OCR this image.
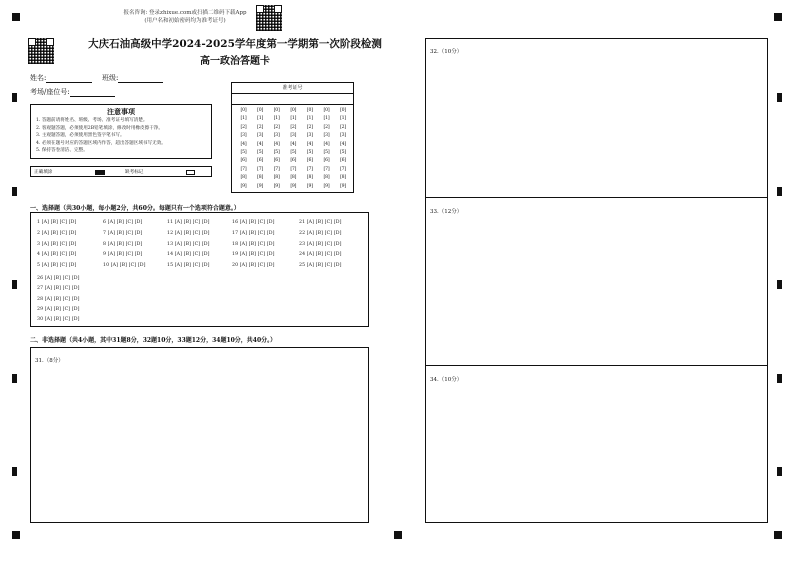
报名咨询: 登录zhixue.com或扫描二维码下载App
(用户名和初始密码均为准考证号)
大庆石油高级中学2024-2025学年度第一学期第一次阶段检测
高一政治答题卡
姓名:	班级:
考场/座位号:
注意事项
1. 答题前请将姓名、班级、考场、准考证号填写清楚。
2. 客观题答题，必须使用2B铅笔填涂，修改时用橡皮擦干净。
3. 主观题答题，必须使用黑色签字笔书写。
4. 必须在题号对应的答题区域内作答，超出答题区域书写无效。
5. 保持答卷清洁、完整。
正确填涂	缺考标记
准考证号
[0]	[0]	[0]	[0]	[0]	[0]	[0]
[1]	[1]	[1]	[1]	[1]	[1]	[1]
[2]	[2]	[2]	[2]	[2]	[2]	[2]
[3]	[3]	[3]	[3]	[3]	[3]	[3]
[4]	[4]	[4]	[4]	[4]	[4]	[4]
[5]	[5]	[5]	[5]	[5]	[5]	[5]
[6]	[6]	[6]	[6]	[6]	[6]	[6]
[7]	[7]	[7]	[7]	[7]	[7]	[7]
[8]	[8]	[8]	[8]	[8]	[8]	[8]
[9]	[9]	[9]	[9]	[9]	[9]	[9]
一、选择题（共30小题，每小题2分，共60分。每题只有一个选项符合题意。）
1 [A] [B] [C] [D]
2 [A] [B] [C] [D]
3 [A] [B] [C] [D]
4 [A] [B] [C] [D]
5 [A] [B] [C] [D]
6 [A] [B] [C] [D]
7 [A] [B] [C] [D]
8 [A] [B] [C] [D]
9 [A] [B] [C] [D]
10 [A] [B] [C] [D]
11 [A] [B] [C] [D]
12 [A] [B] [C] [D]
13 [A] [B] [C] [D]
14 [A] [B] [C] [D]
15 [A] [B] [C] [D]
16 [A] [B] [C] [D]
17 [A] [B] [C] [D]
18 [A] [B] [C] [D]
19 [A] [B] [C] [D]
20 [A] [B] [C] [D]
21 [A] [B] [C] [D]
22 [A] [B] [C] [D]
23 [A] [B] [C] [D]
24 [A] [B] [C] [D]
25 [A] [B] [C] [D]
26 [A] [B] [C] [D]
27 [A] [B] [C] [D]
28 [A] [B] [C] [D]
29 [A] [B] [C] [D]
30 [A] [B] [C] [D]
二、非选择题（共4小题，其中31题8分，32题10分，33题12分，34题10分，共40分。）
31.（8分）
32.（10分）
33.（12分）
34.（10分）
